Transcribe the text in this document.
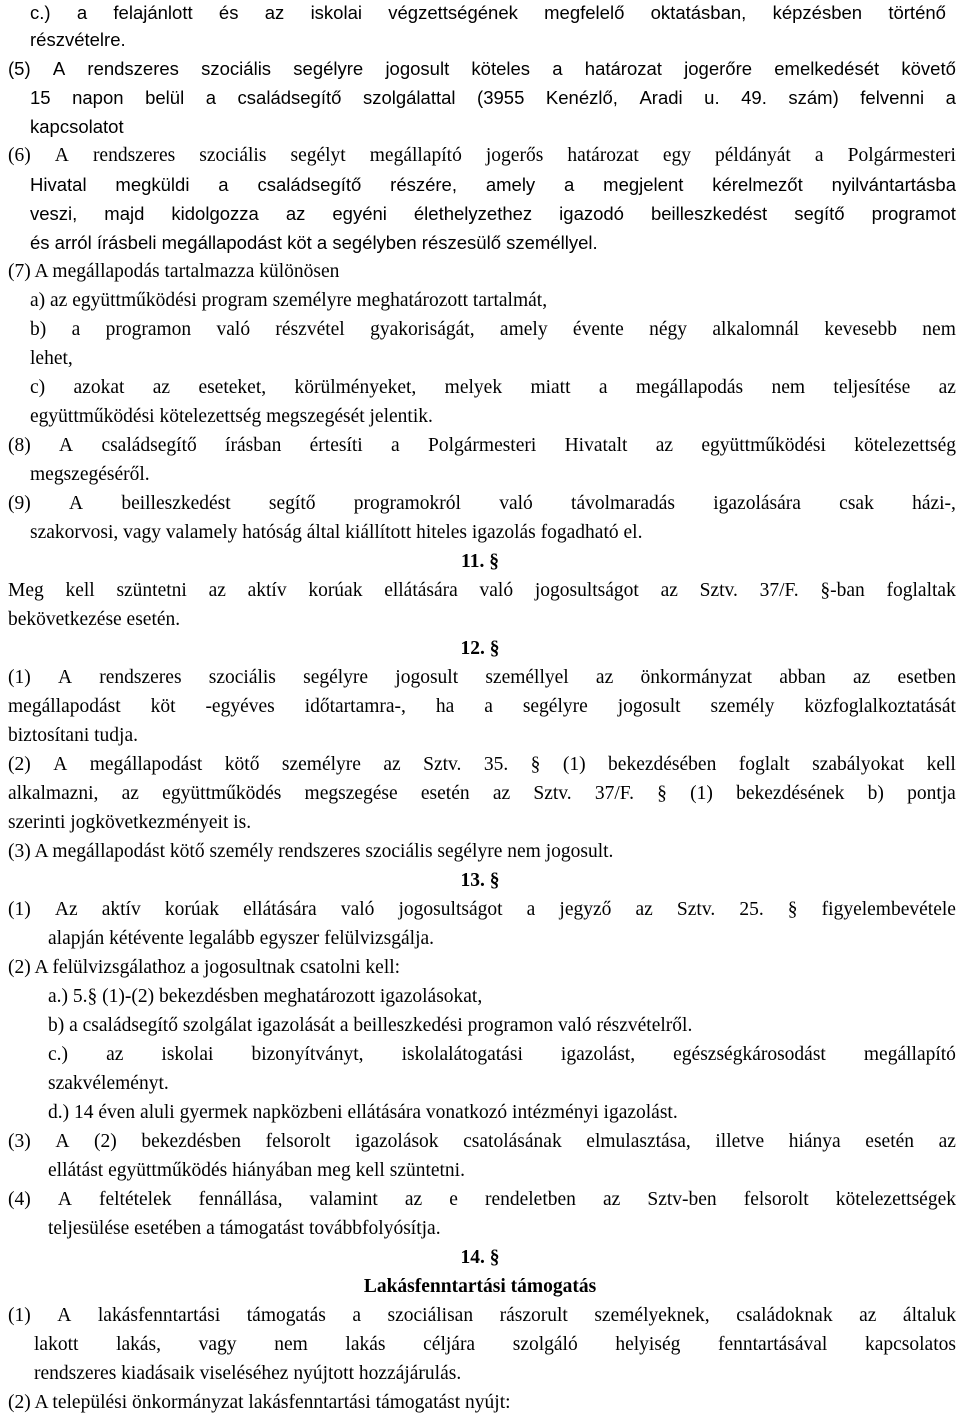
c.) a felajánlott és az iskolai végzettségének megfelelő oktatásban, képzésben történő
részvételre.
(5) A rendszeres szociális segélyre jogosult köteles a határozat jogerőre emelkedését követő
15 napon belül a családsegítő szolgálattal (3955 Kenézlő, Aradi u. 49. szám) felvenni a
kapcsolatot
(6) A rendszeres szociális segélyt megállapító jogerős határozat egy példányát a Polgármesteri
Hivatal megküldi a családsegítő részére, amely a megjelent kérelmezőt nyilvántartásba
veszi, majd kidolgozza az egyéni élethelyzethez igazodó beilleszkedést segítő programot
és arról írásbeli megállapodást köt a segélyben részesülő személlyel.
(7) A megállapodás tartalmazza különösen
a) az együttműködési program személyre meghatározott tartalmát,
b) a programon való részvétel gyakoriságát, amely évente négy alkalomnál kevesebb nem
lehet,
c) azokat az eseteket, körülményeket, melyek miatt a megállapodás nem teljesítése az
együttműködési kötelezettség megszegését jelentik.
(8) A családsegítő írásban értesíti a Polgármesteri Hivatalt az együttműködési kötelezettség
megszegéséről.
(9) A beilleszkedést segítő programokról való távolmaradás igazolására csak házi-,
szakorvosi, vagy valamely hatóság által kiállított hiteles igazolás fogadható el.
11. §
Meg kell szüntetni az aktív korúak ellátására való jogosultságot az Sztv. 37/F. §-ban foglaltak
bekövetkezése esetén.
12. §
(1) A rendszeres szociális segélyre jogosult személlyel az önkormányzat abban az esetben
megállapodást köt -egyéves időtartamra-, ha a segélyre jogosult személy közfoglalkoztatását
biztosítani tudja.
(2) A megállapodást kötő személyre az Sztv. 35. § (1) bekezdésében foglalt szabályokat kell
alkalmazni, az együttműködés megszegése esetén az Sztv. 37/F. § (1) bekezdésének b) pontja
szerinti jogkövetkezményeit is.
(3) A megállapodást kötő személy rendszeres szociális segélyre nem jogosult.
13. §
(1) Az aktív korúak ellátására való jogosultságot a jegyző az Sztv. 25. § figyelembevétele
alapján kétévente legalább egyszer felülvizsgálja.
(2) A felülvizsgálathoz a jogosultnak csatolni kell:
a.) 5.§ (1)-(2) bekezdésben meghatározott igazolásokat,
b) a családsegítő szolgálat igazolását a beilleszkedési programon való részvételről.
c.) az iskolai bizonyítványt, iskolalátogatási igazolást, egészségkárosodást megállapító
szakvéleményt.
d.) 14 éven aluli gyermek napközbeni ellátására vonatkozó intézményi igazolást.
(3) A (2) bekezdésben felsorolt igazolások csatolásának elmulasztása, illetve hiánya esetén az
ellátást együttműködés hiányában meg kell szüntetni.
(4) A feltételek fennállása, valamint az e rendeletben az Sztv-ben felsorolt kötelezettségek
teljesülése esetében a támogatást továbbfolyósítja.
14. §
Lakásfenntartási támogatás
(1) A lakásfenntartási támogatás a szociálisan rászorult személyeknek, családoknak az általuk
lakott lakás, vagy nem lakás céljára szolgáló helyiség fenntartásával kapcsolatos
rendszeres kiadásaik viseléséhez nyújtott hozzájárulás.
(2) A települési önkormányzat lakásfenntartási támogatást nyújt:
